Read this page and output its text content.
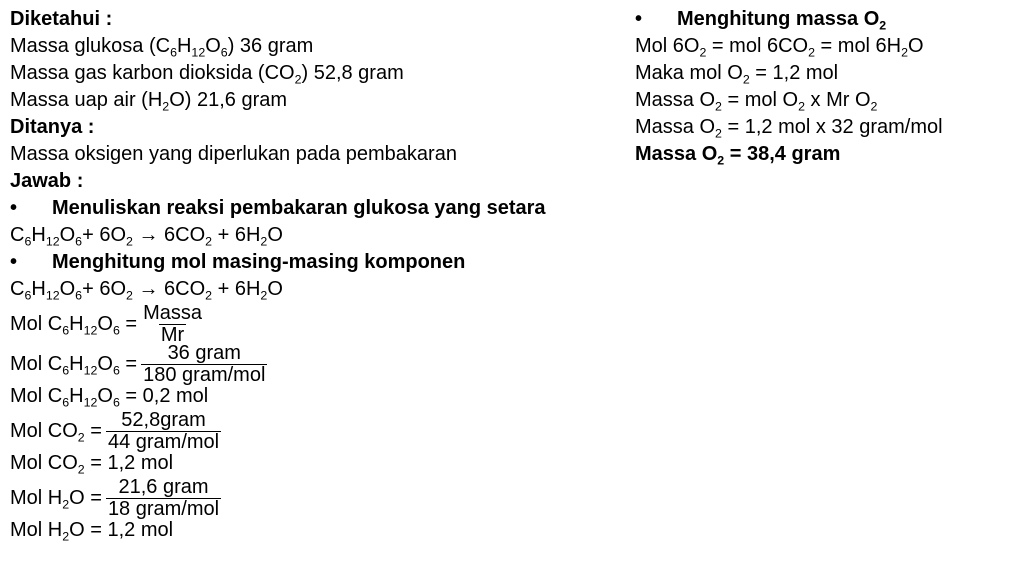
Diketahui :
Massa glukosa $(C_6H_{12}O_6)$ 36 gram
Massa gas karbon dioksida $(CO_2)$ 52,8 gram
Massa uap air $(H_2O)$ 21,6 gram
Ditanya :
Massa oksigen yang diperlukan pada pembakaran
Jawab :
• Menuliskan reaksi pembakaran glukosa yang setara
$C_6H_{12}O_6+ 6O_2 \to 6CO_2 + 6H_2O$
• Menghitung mol masing-masing komponen
$C_6H_{12}O_6+ 6O_2 \to 6CO_2 + 6H_2O$
Mol $C_6H_{12}O_6 = \frac{\text{Massa}}{Mr}$
Mol $C_6H_{12}O_6 = \frac{\text{36 gram}}{\text{180 gram/mol}}$
Mol $C_6H_{12}O_6 = 0,2$ mol
Mol $CO_2 = \frac{\text{52,8gram}}{\text{44 gram/mol}}$
Mol $CO_2 = 1,2$ mol
Mol $H_2O = \frac{\text{21,6 gram}}{\text{18 gram/mol}}$
Mol $H_2O = 1,2$ mol
• Menghitung massa $O_2$
Mol $6O_2$ = mol $6CO_2$ = mol $6H_2O$
Maka mol $O_2 = 1,2$ mol
Massa $O_2$ = mol $O_2$ x Mr $O_2$
Massa $O_2 = 1,2$ mol x 32 gram/mol
Massa $O_2 = 38,4$ gram
